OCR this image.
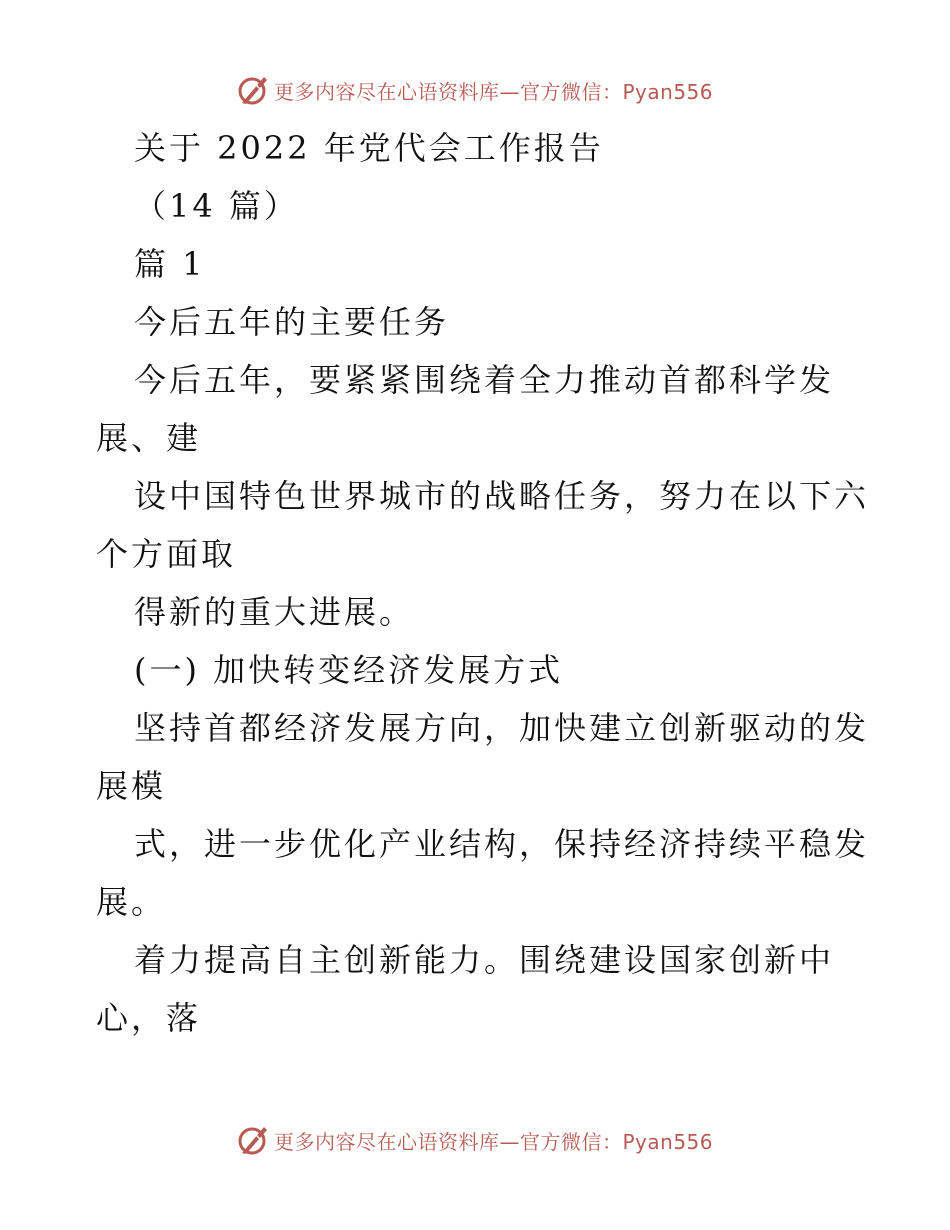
更多内容尽在心语资料库—官方微信：Pyan556
关于 2022 年党代会工作报告
（14 篇）
篇 1
今后五年的主要任务
今后五年，要紧紧围绕着全力推动首都科学发
展、建
设中国特色世界城市的战略任务，努力在以下六
个方面取
得新的重大进展。
(一) 加快转变经济发展方式
坚持首都经济发展方向，加快建立创新驱动的发
展模
式，进一步优化产业结构，保持经济持续平稳发
展。
着力提高自主创新能力。围绕建设国家创新中
心，落
更多内容尽在心语资料库—官方微信：Pyan556
